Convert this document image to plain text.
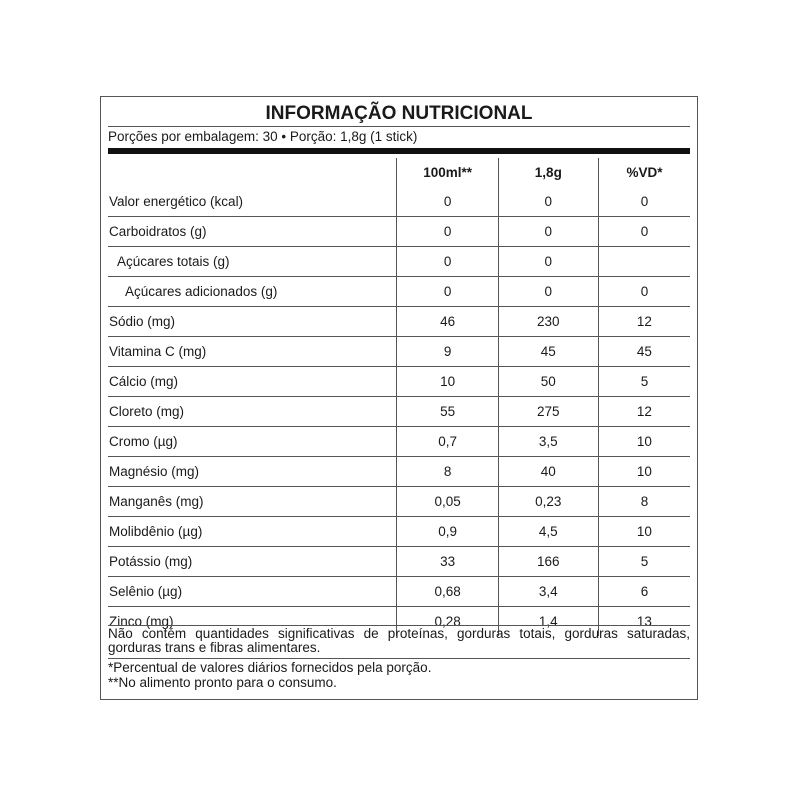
INFORMAÇÃO NUTRICIONAL
Porções por embalagem: 30 • Porção: 1,8g (1 stick)
	100ml**	1,8g	%VD*
Valor energético (kcal)	0	0	0
Carboidratos (g)	0	0	0
Açúcares totais (g)	0	0	
Açúcares adicionados (g)	0	0	0
Sódio (mg)	46	230	12
Vitamina C (mg)	9	45	45
Cálcio (mg)	10	50	5
Cloreto (mg)	55	275	12
Cromo (µg)	0,7	3,5	10
Magnésio (mg)	8	40	10
Manganês (mg)	0,05	0,23	8
Molibdênio (µg)	0,9	4,5	10
Potássio (mg)	33	166	5
Selênio (µg)	0,68	3,4	6
Zinco (mg)	0,28	1,4	13
Não contém quantidades significativas de proteínas, gorduras totais, gorduras saturadas, gorduras trans e fibras alimentares.
*Percentual de valores diários fornecidos pela porção.
**No alimento pronto para o consumo.
